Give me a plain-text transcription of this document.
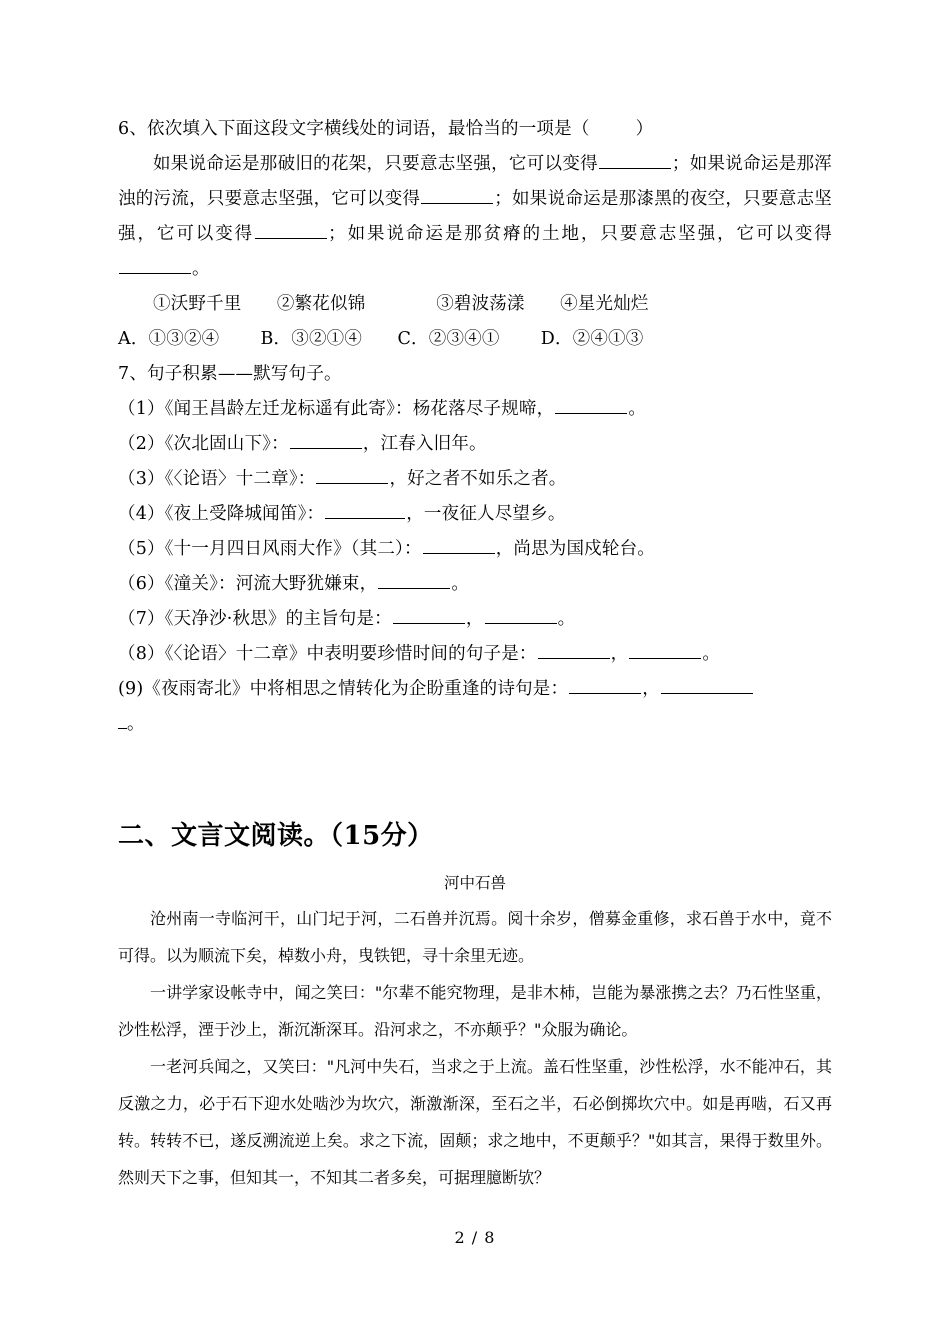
6、依次填入下面这段文字横线处的词语，最恰当的一项是（        ）
如果说命运是那破旧的花架，只要意志坚强，它可以变得	；如果说命运是那浑浊的污流，只要意志坚强，它可以变得	；如果说命运是那漆黑的夜空，只要意志坚强，它可以变得	；如果说命运是那贫瘠的土地，只要意志坚强，它可以变得。
①沃野千里　　②繁花似锦　　　　③碧波荡漾　　④星光灿烂
A．①③②④　　 B．③②①④　　C．②③④①　　 D．②④①③
7、句子积累——默写句子。
（1）《闻王昌龄左迁龙标遥有此寄》：杨花落尽子规啼，	。
（2）《次北固山下》：	，江春入旧年。
（3）《〈论语〉十二章》：	，好之者不如乐之者。
（4）《夜上受降城闻笛》：	，一夜征人尽望乡。
（5）《十一月四日风雨大作》（其二）：	，尚思为国戍轮台。
（6）《潼关》：河流大野犹嫌束，	。
（7）《天净沙·秋思》的主旨句是：	，	。
（8）《〈论语〉十二章》中表明要珍惜时间的句子是：	，	。
(9)《夜雨寄北》中将相思之情转化为企盼重逢的诗句是：	，
。
二、文言文阅读。（15分）
河中石兽

沧州南一寺临河干，山门圮于河，二石兽并沉焉。阅十余岁，僧募金重修，求石兽于水中，竟不可得。以为顺流下矣，棹数小舟，曳铁钯，寻十余里无迹。

一讲学家设帐寺中，闻之笑曰："尔辈不能究物理，是非木杮，岂能为暴涨携之去？乃石性坚重，沙性松浮，湮于沙上，渐沉渐深耳。沿河求之，不亦颠乎？"众服为确论。

一老河兵闻之，又笑曰："凡河中失石，当求之于上流。盖石性坚重，沙性松浮，水不能冲石，其反激之力，必于石下迎水处啮沙为坎穴，渐激渐深，至石之半，石必倒掷坎穴中。如是再啮，石又再转。转转不已，遂反溯流逆上矣。求之下流，固颠；求之地中，不更颠乎？"如其言，果得于数里外。然则天下之事，但知其一，不知其二者多矣，可据理臆断欤？

2 / 8
